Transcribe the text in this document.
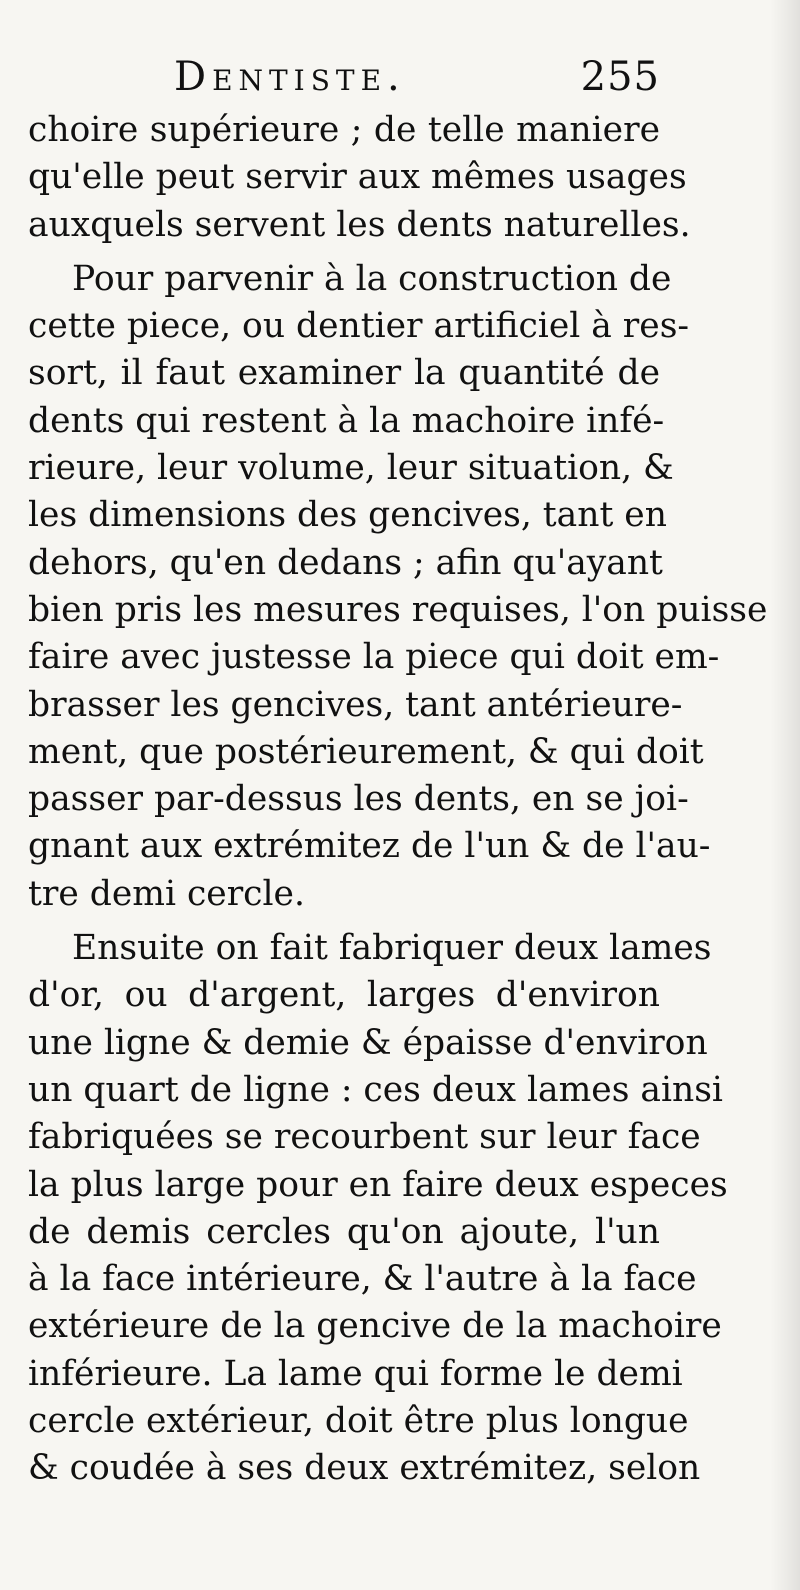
Dentiste.	255
choire supérieure ; de telle maniere
qu'elle peut servir aux mêmes usages
auxquels servent les dents naturelles.
Pour parvenir à la construction de
cette piece, ou dentier artificiel à res-
sort, il faut examiner la quantité de
dents qui restent à la machoire infé-
rieure, leur volume, leur situation, &
les dimensions des gencives, tant en
dehors, qu'en dedans ; afin qu'ayant
bien pris les mesures requises, l'on puisse
faire avec justesse la piece qui doit em-
brasser les gencives, tant antérieure-
ment, que postérieurement, & qui doit
passer par-dessus les dents, en se joi-
gnant aux extrémitez de l'un & de l'au-
tre demi cercle.
Ensuite on fait fabriquer deux lames
d'or, ou d'argent, larges d'environ
une ligne & demie & épaisse d'environ
un quart de ligne : ces deux lames ainsi
fabriquées se recourbent sur leur face
la plus large pour en faire deux especes
de demis cercles qu'on ajoute, l'un
à la face intérieure, & l'autre à la face
extérieure de la gencive de la machoire
inférieure. La lame qui forme le demi
cercle extérieur, doit être plus longue
& coudée à ses deux extrémitez, selon
